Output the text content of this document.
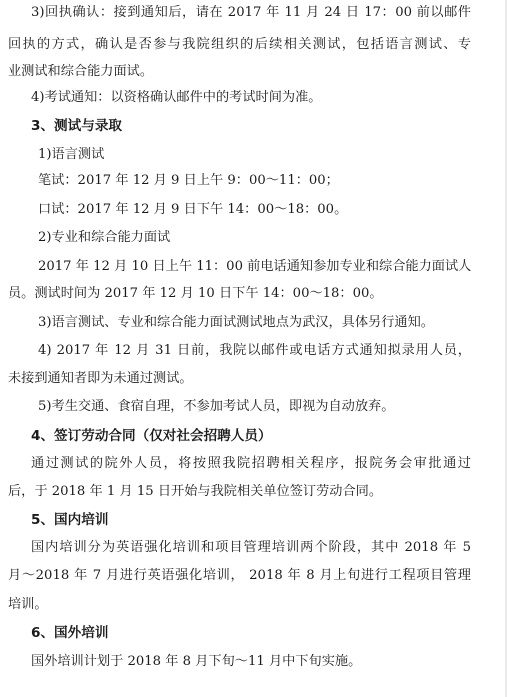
3)回执确认：接到通知后，请在 2017 年 11 月 24 日 17：00 前以邮件
回执的方式，确认是否参与我院组织的后续相关测试，包括语言测试、专
业测试和综合能力面试。
4)考试通知：以资格确认邮件中的考试时间为准。
3、测试与录取
1)语言测试
笔试：2017 年 12 月 9 日上午 9：00～11：00；
口试：2017 年 12 月 9 日下午 14：00～18：00。
2)专业和综合能力面试
2017 年 12 月 10 日上午 11：00 前电话通知参加专业和综合能力面试人
员。测试时间为 2017 年 12 月 10 日下午 14：00～18：00。
3)语言测试、专业和综合能力面试测试地点为武汉，具体另行通知。
4) 2017 年 12 月 31 日前，我院以邮件或电话方式通知拟录用人员，
未接到通知者即为未通过测试。
5)考生交通、食宿自理，不参加考试人员，即视为自动放弃。
4、签订劳动合同（仅对社会招聘人员）
通过测试的院外人员，将按照我院招聘相关程序，报院务会审批通过
后，于 2018 年 1 月 15 日开始与我院相关单位签订劳动合同。
5、国内培训
国内培训分为英语强化培训和项目管理培训两个阶段，其中 2018 年 5
月～2018 年 7 月进行英语强化培训， 2018 年 8 月上旬进行工程项目管理
培训。
6、国外培训
国外培训计划于 2018 年 8 月下旬～11 月中下旬实施。
